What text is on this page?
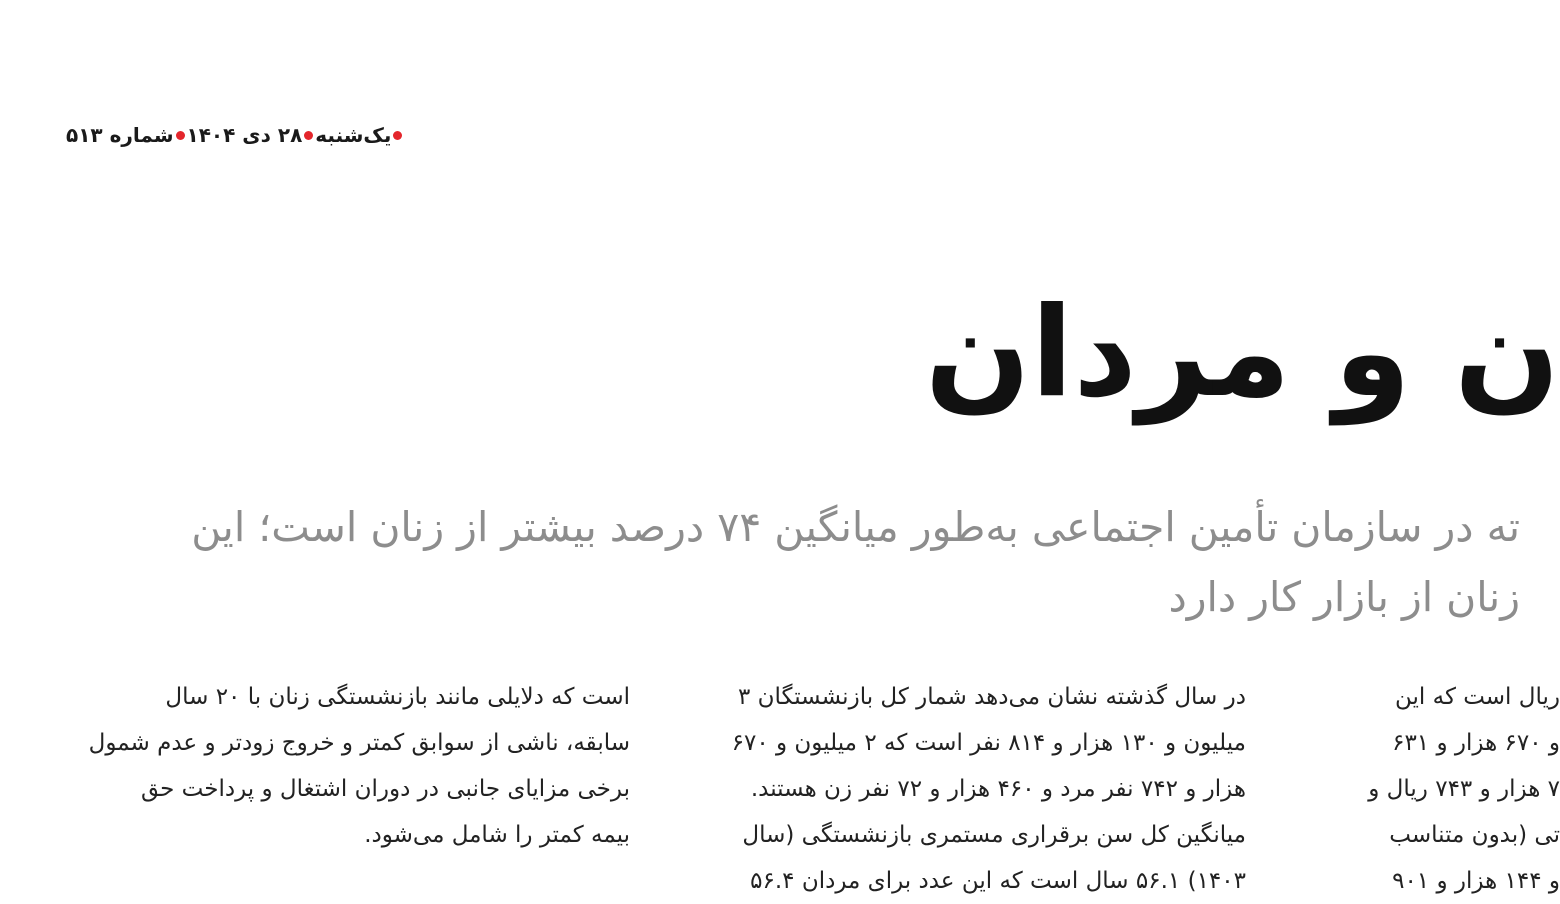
یک‌شنبه
۲۸ دی ۱۴۰۴
شماره ۵۱۳
ن و مردان
ته در سازمان تأمین اجتماعی به‌طور میانگین ۷۴ درصد بیشتر از زنان است؛ این
زنان از بازار کار دارد
است که دلایلی مانند بازنشستگی زنان با ۲۰ سال
سابقه، ناشی از سوابق کمتر و خروج زودتر و عدم شمول
برخی مزایای جانبی در دوران اشتغال و پرداخت حق
بیمه کمتر را شامل می‌شود.
در سال گذشته نشان می‌دهد شمار کل بازنشستگان ۳
میلیون و ۱۳۰ هزار و ۸۱۴ نفر است که ۲ میلیون و ۶۷۰
هزار و ۷۴۲ نفر مرد و ۴۶۰ هزار و ۷۲ نفر زن هستند.
میانگین کل سن برقراری مستمری بازنشستگی (سال
۱۴۰۳) ۵۶.۱ سال است که این عدد برای مردان ۵۶.۴
ریال است که این
و ۶۷۰ هزار و ۶۳۱
۷ هزار و ۷۴۳ ریال و
تی (بدون متناسب
و ۱۴۴ هزار و ۹۰۱
